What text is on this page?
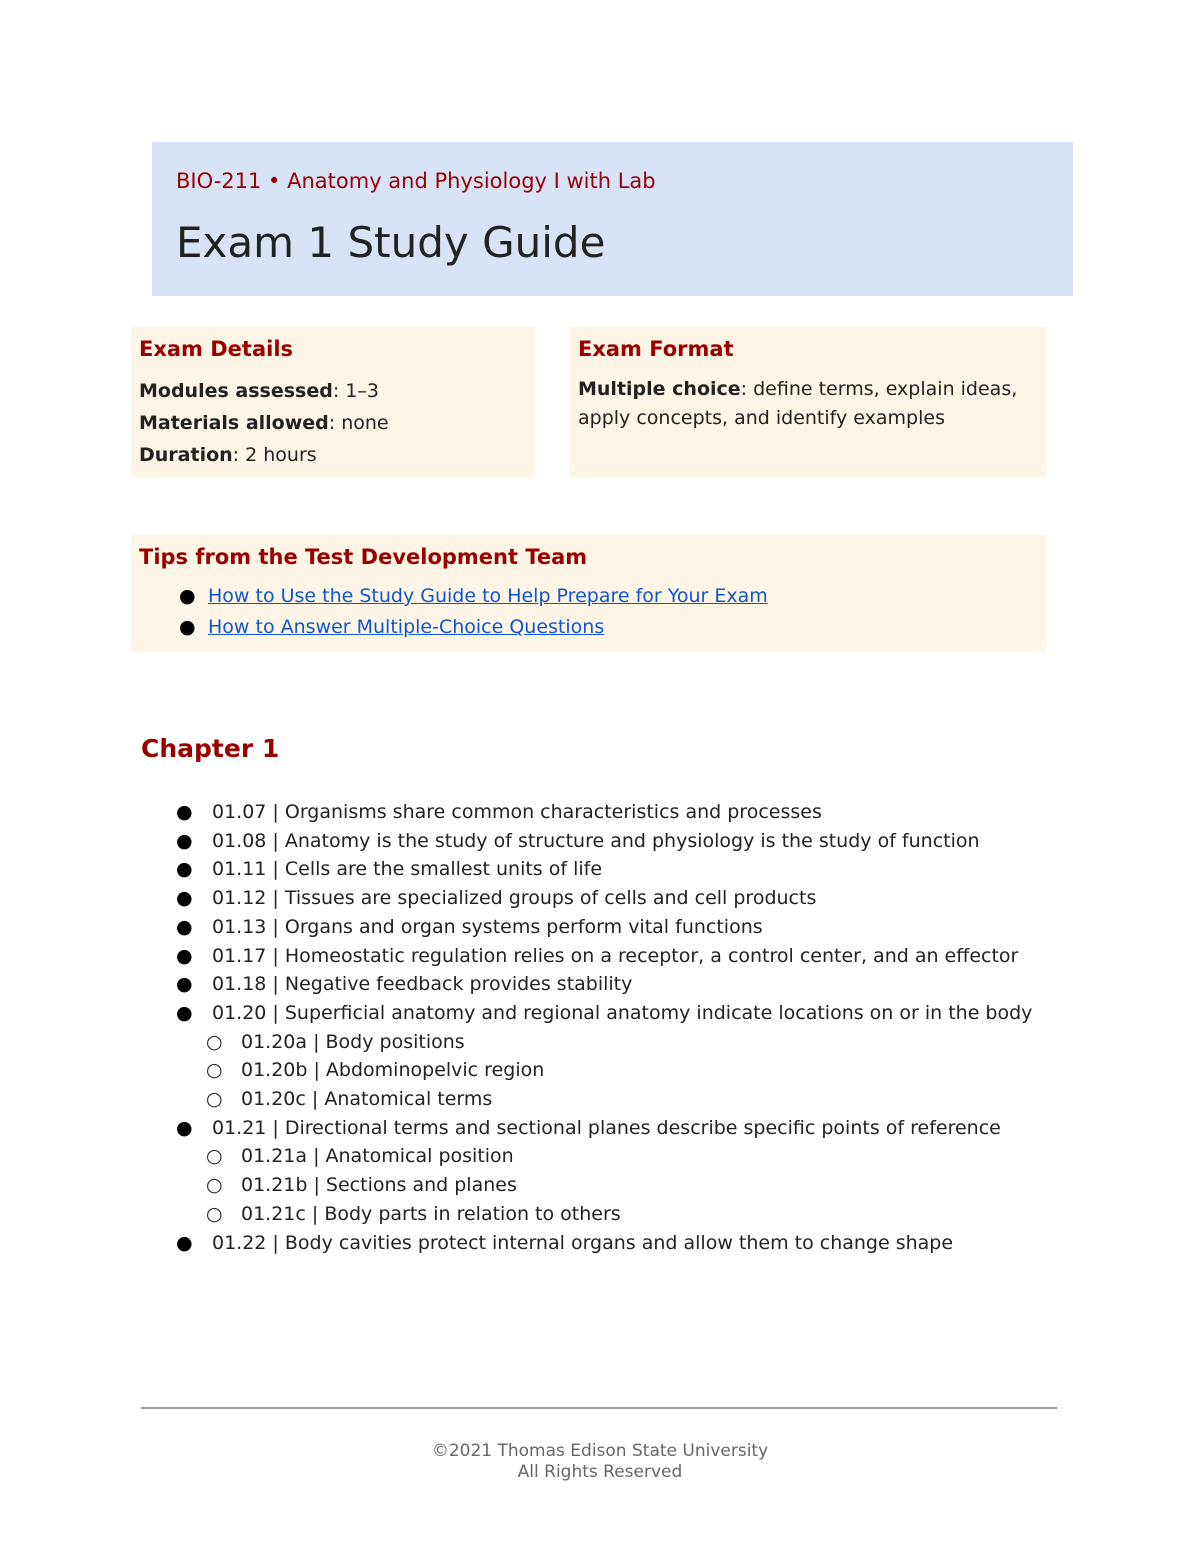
BIO-211 • Anatomy and Physiology I with Lab

Exam 1 Study Guide
Exam Details

Modules assessed: 1–3

Materials allowed: none

Duration: 2 hours

Exam Format

Multiple choice: define terms, explain ideas, apply concepts, and identify examples

Tips from the Test Development Team
● How to Use the Study Guide to Help Prepare for Your Exam
● How to Answer Multiple-Choice Questions
Chapter 1
● 01.07 | Organisms share common characteristics and processes
● 01.08 | Anatomy is the study of structure and physiology is the study of function
● 01.11 | Cells are the smallest units of life
● 01.12 | Tissues are specialized groups of cells and cell products
● 01.13 | Organs and organ systems perform vital functions
● 01.17 | Homeostatic regulation relies on a receptor, a control center, and an effector
● 01.18 | Negative feedback provides stability
● 01.20 | Superficial anatomy and regional anatomy indicate locations on or in the body
○ 01.20a | Body positions
○ 01.20b | Abdominopelvic region
○ 01.20c | Anatomical terms
● 01.21 | Directional terms and sectional planes describe specific points of reference
○ 01.21a | Anatomical position
○ 01.21b | Sections and planes
○ 01.21c | Body parts in relation to others
● 01.22 | Body cavities protect internal organs and allow them to change shape
©2021 Thomas Edison State University
All Rights Reserved
